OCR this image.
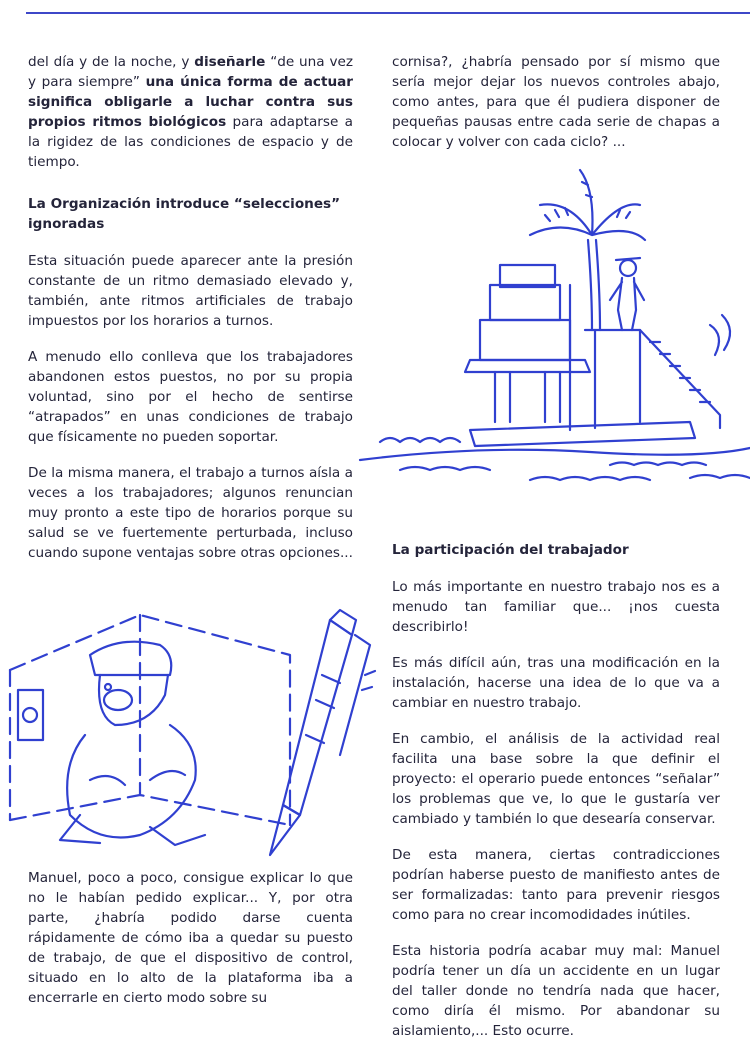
del día y de la noche, y diseñarle “de una vez y para siempre” una única forma de actuar significa obligarle a luchar contra sus propios ritmos biológicos para adaptarse a la rigidez de las condiciones de espacio y de tiempo.

La Organización introduce “selecciones” ignoradas

Esta situación puede aparecer ante la presión constante de un ritmo demasiado elevado y, también, ante ritmos artificiales de trabajo impuestos por los horarios a turnos.

A menudo ello conlleva que los trabajadores abandonen estos puestos, no por su propia voluntad, sino por el hecho de sentirse “atrapados” en unas condiciones de trabajo que físicamente no pueden soportar.

De la misma manera, el trabajo a turnos aísla a veces a los trabajadores; algunos renuncian muy pronto a este tipo de horarios porque su salud se ve fuertemente perturbada, incluso cuando supone ventajas sobre otras opciones...

Manuel, poco a poco, consigue explicar lo que no le habían pedido explicar... Y, por otra parte, ¿habría podido darse cuenta rápidamente de cómo iba a quedar su puesto de trabajo, de que el dispositivo de control, situado en lo alto de la plataforma iba a encerrarle en cierto modo sobre su

cornisa?, ¿habría pensado por sí mismo que sería mejor dejar los nuevos controles abajo, como antes, para que él pudiera disponer de pequeñas pausas entre cada serie de chapas a colocar y volver con cada ciclo? ...

La participación del trabajador

Lo más importante en nuestro trabajo nos es a menudo tan familiar que... ¡nos cuesta describirlo!

Es más difícil aún, tras una modificación en la instalación, hacerse una idea de lo que va a cambiar en nuestro trabajo.

En cambio, el análisis de la actividad real facilita una base sobre la que definir el proyecto: el operario puede entonces “señalar” los problemas que ve, lo que le gustaría ver cambiado y también lo que desearía conservar.

De esta manera, ciertas contradicciones podrían haberse puesto de manifiesto antes de ser formalizadas: tanto para prevenir riesgos como para no crear incomodidades inútiles.

Esta historia podría acabar muy mal: Manuel podría tener un día un accidente en un lugar del taller donde no tendría nada que hacer, como diría él mismo. Por abandonar su aislamiento,... Esto ocurre.
